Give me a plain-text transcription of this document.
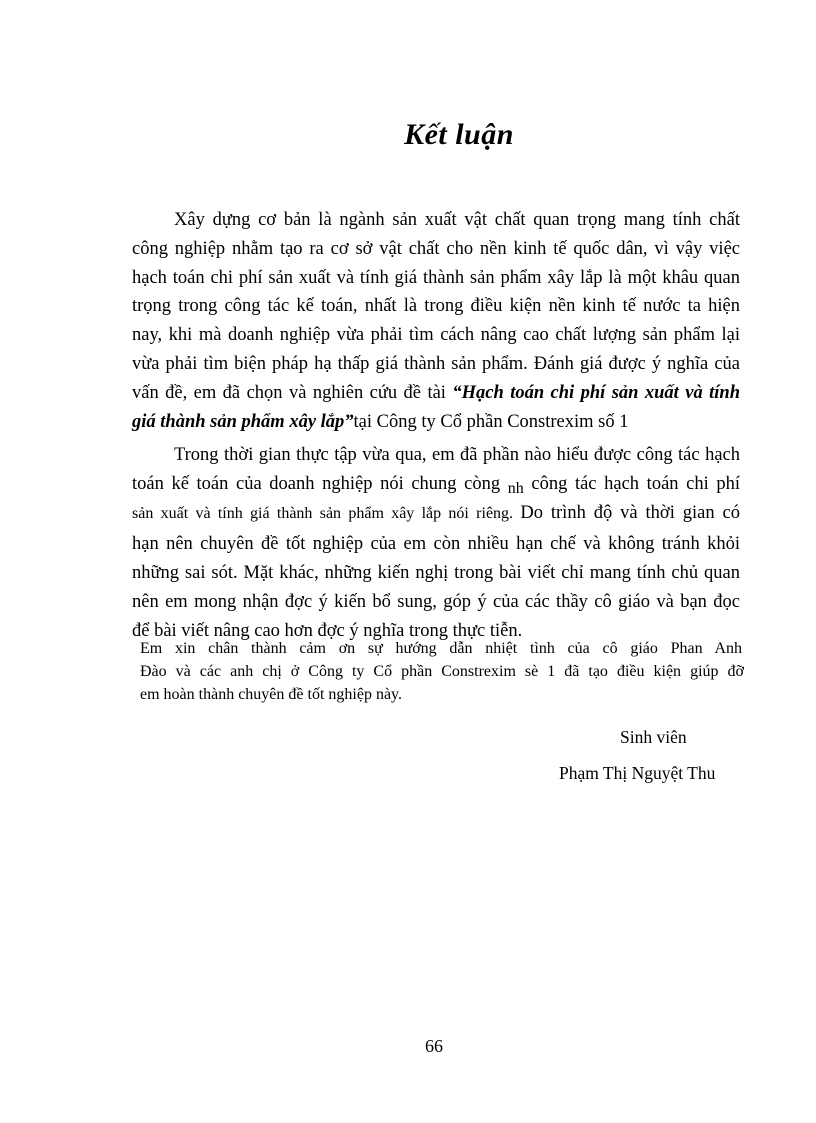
Kết luận
Xây dựng cơ bản là ngành sản xuất vật chất quan trọng mang tính chất
công nghiệp nhằm tạo ra cơ sở vật chất cho nền kinh tế quốc dân, vì vậy việc
hạch toán chi phí sản xuất và tính giá thành sản phẩm xây lắp là một khâu quan
trọng trong công tác kế toán, nhất là trong điều kiện nền kinh tế nước ta hiện
nay, khi mà doanh nghiệp vừa phải tìm cách nâng cao chất lượng sản phẩm lại
vừa phải tìm biện pháp hạ thấp giá thành sản phẩm. Đánh giá được ý nghĩa của
vấn đề, em đã chọn và nghiên cứu đề tài “Hạch toán chi phí sản xuất và tính
giá thành sản phẩm xây lắp”tại Công ty Cổ phần Constrexim số 1
Trong thời gian thực tập vừa qua, em đã phần nào hiểu được công tác hạch
toán kế toán của doanh nghiệp nói chung còng nh công tác hạch toán chi phí
sản xuất và tính giá thành sản phẩm xây lắp nói riêng. Do trình độ và thời gian có
hạn nên chuyên đề tốt nghiệp của em còn nhiều hạn chế và không tránh khỏi
những sai sót. Mặt khác, những kiến nghị trong bài viết chỉ mang tính chủ quan
nên em mong nhận đợc ý kiến bổ sung, góp ý của các thầy cô giáo và bạn đọc
để bài viết nâng cao hơn đợc ý nghĩa trong thực tiễn.
Em xin chân thành cảm ơn sự hướng dẫn nhiệt tình của cô giáo Phan Anh
Đào và các anh chị ở Công ty Cổ phần Constrexim sè 1 đã tạo điều kiện giúp đỡ
em hoàn thành chuyên đề tốt nghiệp này.
Sinh viên
Phạm Thị Nguyệt Thu
66
